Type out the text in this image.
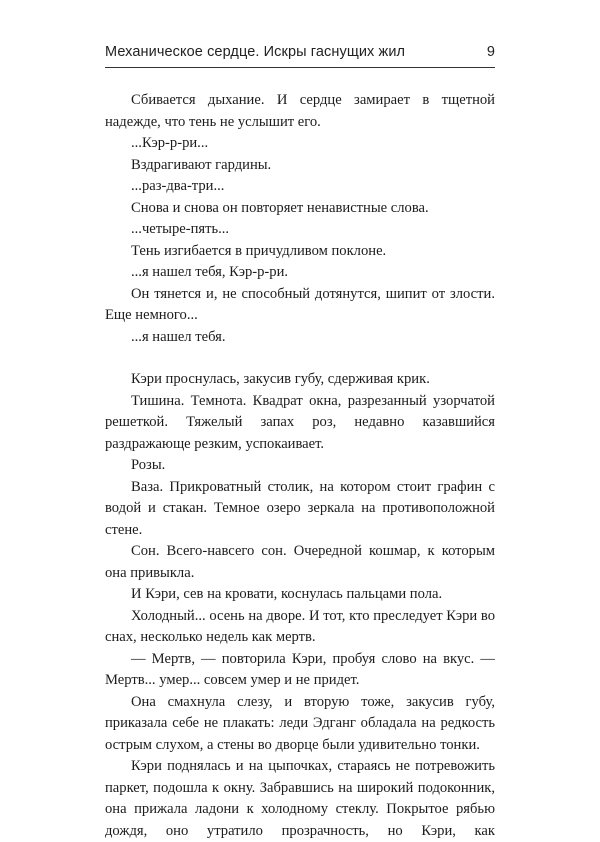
Механическое сердце. Искры гаснущих жил	9

Сбивается дыхание. И сердце замирает в тщетной надежде, что тень не услышит его.

...Кэр-р-ри...

Вздрагивают гардины.

...раз-два-три...

Снова и снова он повторяет ненавистные слова.

...четыре-пять...

Тень изгибается в причудливом поклоне.

...я нашел тебя, Кэр-р-ри.

Он тянется и, не способный дотянутся, шипит от злости. Еще немного...

...я нашел тебя.

Кэри проснулась, закусив губу, сдерживая крик.

Тишина. Темнота. Квадрат окна, разрезанный узорчатой решеткой. Тяжелый запах роз, недавно казавшийся раздражающе резким, успокаивает.

Розы.

Ваза. Прикроватный столик, на котором стоит графин с водой и стакан. Темное озеро зеркала на противоположной стене.

Сон. Всего-навсего сон. Очередной кошмар, к которым она привыкла.

И Кэри, сев на кровати, коснулась пальцами пола.

Холодный... осень на дворе. И тот, кто преследует Кэри во снах, несколько недель как мертв.

— Мертв, — повторила Кэри, пробуя слово на вкус. — Мертв... умер... совсем умер и не придет.

Она смахнула слезу, и вторую тоже, закусив губу, приказала себе не плакать: леди Эдганг обладала на редкость острым слухом, а стены во дворце были удивительно тонки.

Кэри поднялась и на цыпочках, стараясь не потревожить паркет, подошла к окну. Забравшись на широкий подоконник, она прижала ладони к холодному стеклу. Покрытое рябью дождя, оно утратило прозрачность, но Кэри, как
